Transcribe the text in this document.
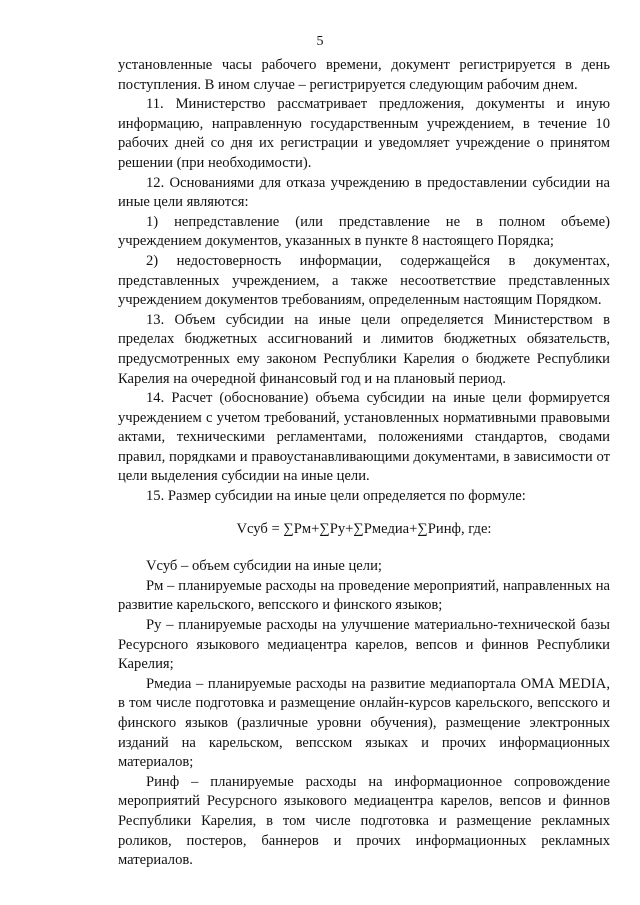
5

установленные часы рабочего времени, документ регистрируется в день поступления. В ином случае – регистрируется следующим рабочим днем.

11. Министерство рассматривает предложения, документы и иную информацию, направленную государственным учреждением, в течение 10 рабочих дней со дня их регистрации и уведомляет учреждение о принятом решении (при необходимости).

12. Основаниями для отказа учреждению в предоставлении субсидии на иные цели являются:

1) непредставление (или представление не в полном объеме) учреждением документов, указанных в пункте 8 настоящего Порядка;

2) недостоверность информации, содержащейся в документах, представленных учреждением, а также несоответствие представленных учреждением документов требованиям, определенным настоящим Порядком.

13. Объем субсидии на иные цели определяется Министерством в пределах бюджетных ассигнований и лимитов бюджетных обязательств, предусмотренных ему законом Республики Карелия о бюджете Республики Карелия на очередной финансовый год и на плановый период.

14. Расчет (обоснование) объема субсидии на иные цели формируется учреждением с учетом требований, установленных нормативными правовыми актами, техническими регламентами, положениями стандартов, сводами правил, порядками и правоустанавливающими документами, в зависимости от цели выделения субсидии на иные цели.

15. Размер субсидии на иные цели определяется по формуле:

Vсуб = ∑Рм+∑Ру+∑Рмедиа+∑Ринф, где:

Vсуб – объем субсидии на иные цели;

Рм – планируемые расходы на проведение мероприятий, направленных на развитие карельского, вепсского и финского языков;

Ру – планируемые расходы на улучшение материально-технической базы Ресурсного языкового медиацентра карелов, вепсов и финнов Республики Карелия;

Рмедиа – планируемые расходы на развитие медиапортала OMA MEDIA, в том числе подготовка и размещение онлайн-курсов карельского, вепсского и финского языков (различные уровни обучения), размещение электронных изданий на карельском, вепсском языках и прочих информационных материалов;

Ринф – планируемые расходы на информационное сопровождение мероприятий Ресурсного языкового медиацентра карелов, вепсов и финнов Республики Карелия, в том числе подготовка и размещение рекламных роликов, постеров, баннеров и прочих информационных рекламных материалов.
